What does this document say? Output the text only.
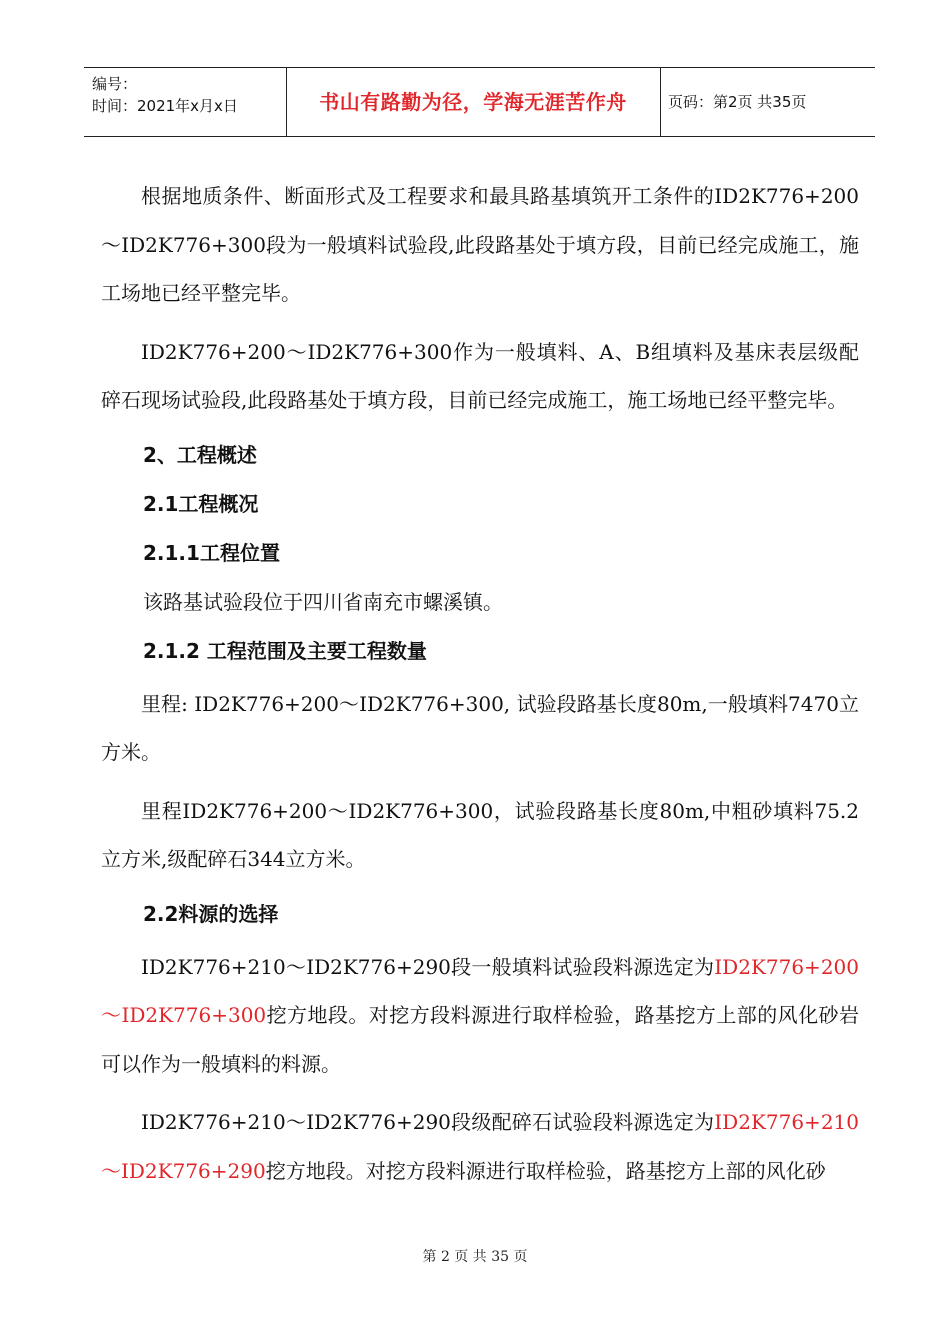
编号：
时间：2021年x月x日	书山有路勤为径，学海无涯苦作舟	页码：第2页 共35页

根据地质条件、断面形式及工程要求和最具路基填筑开工条件的ID2K776+200～ID2K776+300段为一般填料试验段,此段路基处于填方段，目前已经完成施工，施工场地已经平整完毕。

ID2K776+200～ID2K776+300作为一般填料、A、B组填料及基床表层级配碎石现场试验段,此段路基处于填方段，目前已经完成施工，施工场地已经平整完毕。

2、工程概述
2.1工程概况
2.1.1工程位置
该路基试验段位于四川省南充市螺溪镇。
2.1.2 工程范围及主要工程数量

里程: ID2K776+200～ID2K776+300, 试验段路基长度80m,一般填料7470立方米。

里程ID2K776+200～ID2K776+300，试验段路基长度80m,中粗砂填料75.2立方米,级配碎石344立方米。

2.2料源的选择

ID2K776+210～ID2K776+290段一般填料试验段料源选定为ID2K776+200～ID2K776+300挖方地段。对挖方段料源进行取样检验，路基挖方上部的风化砂岩可以作为一般填料的料源。

ID2K776+210～ID2K776+290段级配碎石试验段料源选定为ID2K776+210～ID2K776+290挖方地段。对挖方段料源进行取样检验，路基挖方上部的风化砂

第 2 页 共 35 页
